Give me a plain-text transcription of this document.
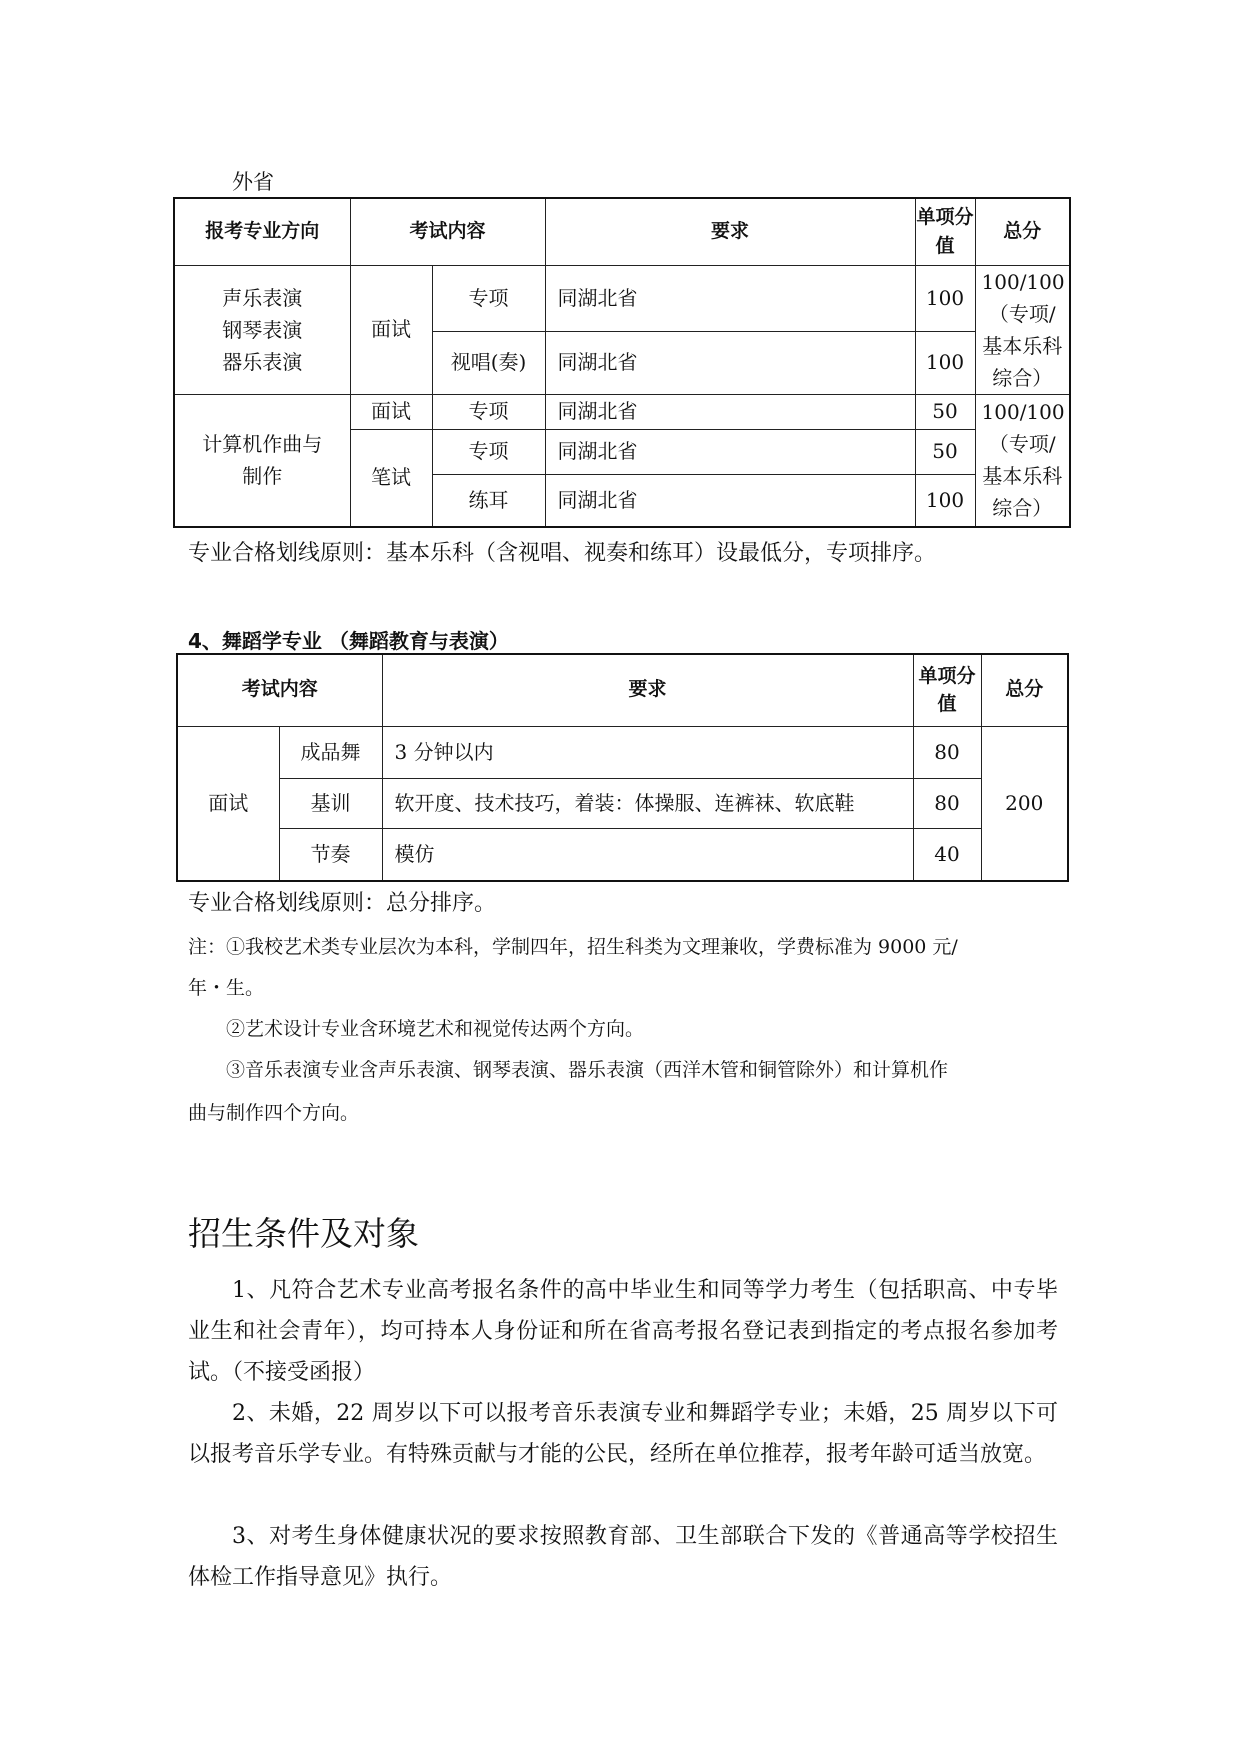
外省
报考专业方向	考试内容		要求	单项分值	总分

声乐表演
钢琴表演
器乐表演	面试	专项	同湖北省	100	100/100（专项/基本乐科综合）
		视唱(奏)	同湖北省	100	
计算机作曲与制作	面试	专项	同湖北省	50	100/100（专项/基本乐科综合）
	笔试	专项	同湖北省	50	
		练耳	同湖北省	100	
专业合格划线原则：基本乐科（含视唱、视奏和练耳）设最低分，专项排序。
4、舞蹈学专业 （舞蹈教育与表演）
考试内容		要求	单项分值	总分
面试	成品舞	3 分钟以内	80	200
	基训	软开度、技术技巧，着装：体操服、连裤袜、软底鞋	80	
	节奏	模仿	40	
专业合格划线原则：总分排序。
注：①我校艺术类专业层次为本科，学制四年，招生科类为文理兼收，学费标准为 9000 元/
年・生。
②艺术设计专业含环境艺术和视觉传达两个方向。
③音乐表演专业含声乐表演、钢琴表演、器乐表演（西洋木管和铜管除外）和计算机作
曲与制作四个方向。
招生条件及对象
1、凡符合艺术专业高考报名条件的高中毕业生和同等学力考生（包括职高、中专毕业生和社会青年），均可持本人身份证和所在省高考报名登记表到指定的考点报名参加考试。（不接受函报）
2、未婚，22 周岁以下可以报考音乐表演专业和舞蹈学专业；未婚，25 周岁以下可以报考音乐学专业。有特殊贡献与才能的公民，经所在单位推荐，报考年龄可适当放宽。
3、对考生身体健康状况的要求按照教育部、卫生部联合下发的《普通高等学校招生体检工作指导意见》执行。
